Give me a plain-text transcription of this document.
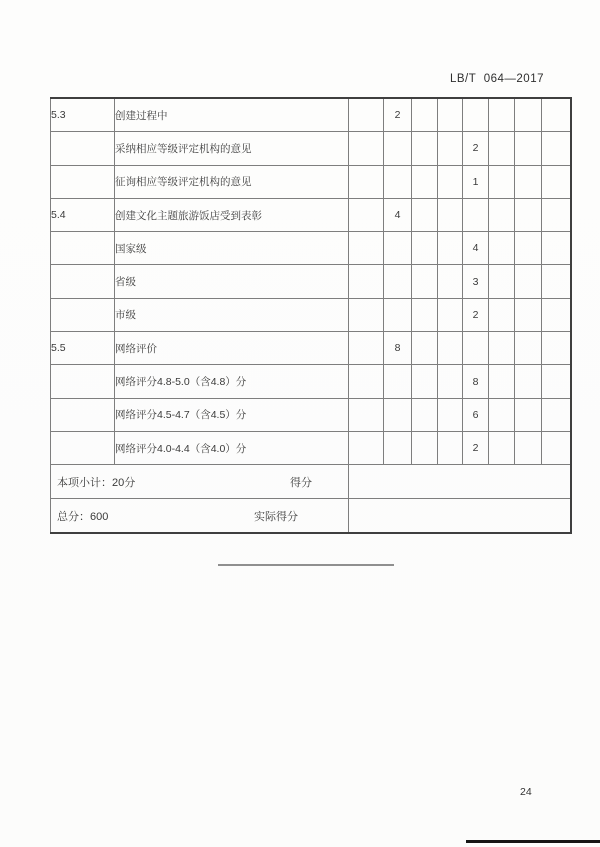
LB/T 064—2017
5.3	创建过程中		2						
	采纳相应等级评定机构的意见					2			
	征询相应等级评定机构的意见					1			
5.4	创建文化主题旅游饭店受到表彰		4						
	国家级					4			
	省级					3			
	市级					2			
5.5	网络评价		8						
	网络评分4.8-5.0（含4.8）分					8			
	网络评分4.5-4.7（含4.5）分					6			
	网络评分4.0-4.4（含4.0）分					2			

本项小计：20分 得分									

总分：600 实际得分									

24
